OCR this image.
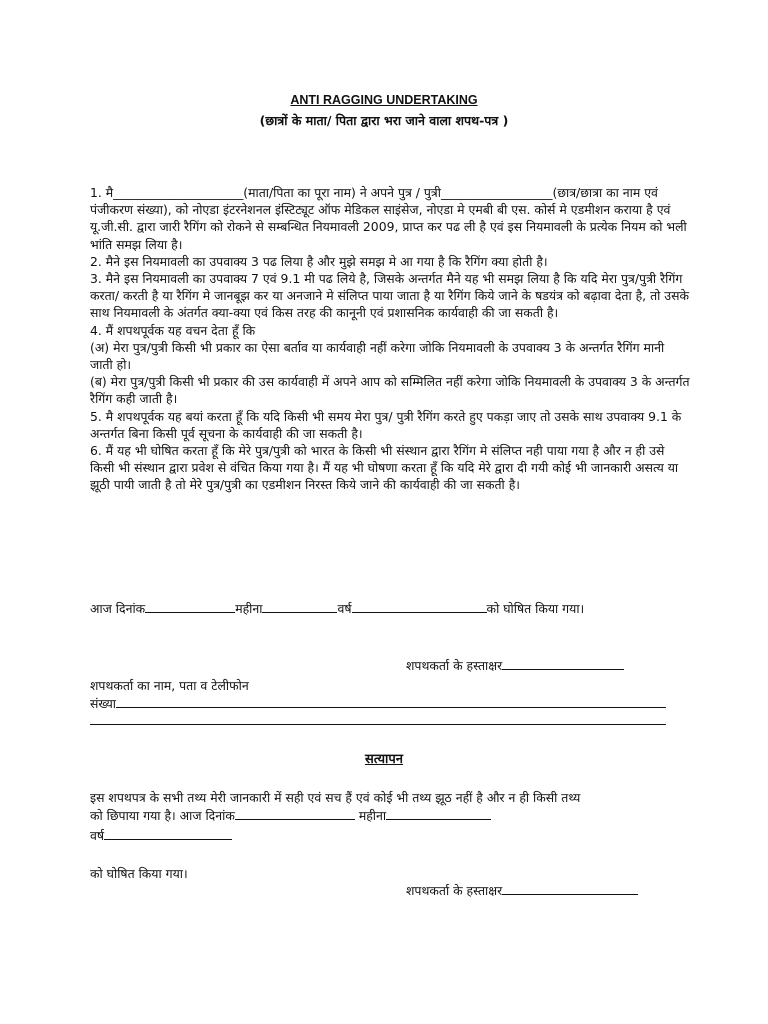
ANTI RAGGING UNDERTAKING
(छात्रों के माता/ पिता द्वारा भरा जाने वाला शपथ-पत्र )

1. मै_____________________(माता/पिता का पूरा नाम) ने अपने पुत्र / पुत्री__________________(छात्र/छात्रा का नाम एवं पंजीकरण संख्या), को नोएडा इंटरनेशनल इंस्टिट्यूट ऑफ मेडिकल साइंसेज, नोएडा मे एमबी बी एस. कोर्स मे एडमीशन कराया है एवं यू.जी.सी. द्वारा जारी रैगिंग को रोकने से सम्बन्धित नियमावली 2009, प्राप्त कर पढ ली है एवं इस नियमावली के प्रत्येक नियम को भली भांति समझ लिया है।

2. मैने इस नियमावली का उपवाक्य 3 पढ लिया है और मुझे समझ मे आ गया है कि रैगिंग क्या होती है।

3. मैने इस नियमावली का उपवाक्य 7 एवं 9.1 मी पढ लिये है, जिसके अन्तर्गत मैने यह भी समझ लिया है कि यदि मेरा पुत्र/पुत्री रैगिंग करता/ करती है या रैगिंग मे जानबूझ कर या अनजाने मे संलिप्त पाया जाता है या रैगिंग किये जाने के षडयंत्र को बढ़ावा देता है, तो उसके साथ नियमावली के अंतर्गत क्या-क्या एवं किस तरह की कानूनी एवं प्रशासनिक कार्यवाही की जा सकती है।

4. मैं शपथपूर्वक यह वचन देता हूँ कि

(अ) मेरा पुत्र/पुत्री किसी भी प्रकार का ऐसा बर्ताव या कार्यवाही नहीं करेगा जोकि नियमावली के उपवाक्य 3 के अन्तर्गत रैगिंग मानी जाती हो।

(ब) मेरा पुत्र/पुत्री किसी भी प्रकार की उस कार्यवाही में अपने आप को सम्मिलित नहीं करेगा जोकि नियमावली के उपवाक्य 3 के अन्तर्गत रैगिंग कही जाती है।

5. मै शपथपूर्वक यह बयां करता हूँ कि यदि किसी भी समय मेरा पुत्र/ पुत्री रैगिंग करते हुए पकड़ा जाए तो उसके साथ उपवाक्य 9.1 के अन्तर्गत बिना किसी पूर्व सूचना के कार्यवाही की जा सकती है।

6. मैं यह भी घोषित करता हूँ कि मेरे पुत्र/पुत्री को भारत के किसी भी संस्थान द्वारा रैगिंग मे संलिप्त नही पाया गया है और न ही उसे किसी भी संस्थान द्वारा प्रवेश से वंचित किया गया है। मैं यह भी घोषणा करता हूँ कि यदि मेरे द्वारा दी गयी कोई भी जानकारी असत्य या झूठी पायी जाती है तो मेरे पुत्र/पुत्री का एडमीशन निरस्त किये जाने की कार्यवाही की जा सकती है।

आज दिनांक	महीना	वर्ष	को घोषित किया गया।
शपथकर्ता के हस्ताक्षर
शपथकर्ता का नाम, पता व टेलीफोन
संख्या
सत्यापन
इस शपथपत्र के सभी तथ्य मेरी जानकारी में सही एवं सच हैं एवं कोई भी तथ्य झूठ नहीं है और न ही किसी तथ्य
को छिपाया गया है। आज दिनांक	महीना
वर्ष
को घोषित किया गया।
शपथकर्ता के हस्ताक्षर
